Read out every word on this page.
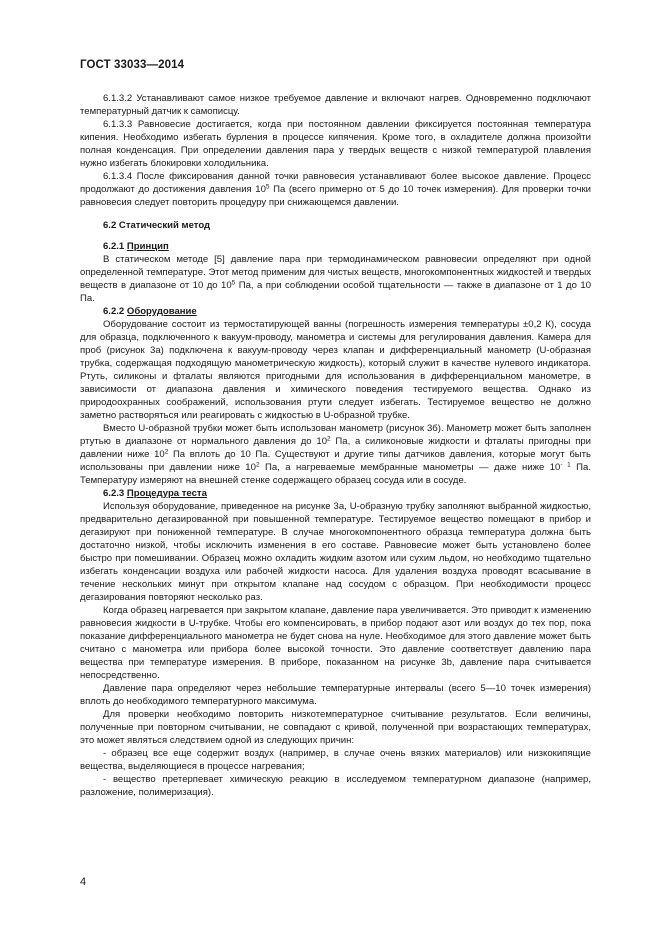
ГОСТ 33033—2014

6.1.3.2 Устанавливают самое низкое требуемое давление и включают нагрев. Одновременно подключают температурный датчик к самописцу.

6.1.3.3 Равновесие достигается, когда при постоянном давлении фиксируется постоянная температура кипения. Необходимо избегать бурления в процессе кипячения. Кроме того, в охладителе должна произойти полная конденсация. При определении давления пара у твердых веществ с низкой температурой плавления нужно избегать блокировки холодильника.

6.1.3.4 После фиксирования данной точки равновесия устанавливают более высокое давление. Процесс продолжают до достижения давления $10^5$ Па (всего примерно от 5 до 10 точек измерения). Для проверки точки равновесия следует повторить процедуру при снижающемся давлении.

6.2 Статический метод

6.2.1 Принцип

В статическом методе [5] давление пара при термодинамическом равновесии определяют при одной определенной температуре. Этот метод применим для чистых веществ, многокомпонентных жидкостей и твердых веществ в диапазоне от 10 до $10^5$ Па, а при соблюдении особой тщательности — также в диапазоне от 1 до 10 Па.

6.2.2 Оборудование

Оборудование состоит из термостатирующей ванны (погрешность измерения температуры ±0,2 К), сосуда для образца, подключенного к вакуум-проводу, манометра и системы для регулирования давления. Камера для проб (рисунок 3а) подключена к вакуум-проводу через клапан и дифференциальный манометр (U-образная трубка, содержащая подходящую манометрическую жидкость), который служит в качестве нулевого индикатора. Ртуть, силиконы и фталаты являются пригодными для использования в дифференциальном манометре, в зависимости от диапазона давления и химического поведения тестируемого вещества. Однако из природоохранных соображений, использования ртути следует избегать. Тестируемое вещество не должно заметно растворяться или реагировать с жидкостью в U-образной трубке.

Вместо U-образной трубки может быть использован манометр (рисунок 3б). Манометр может быть заполнен ртутью в диапазоне от нормального давления до $10^2$ Па, а силиконовые жидкости и фталаты пригодны при давлении ниже $10^2$ Па вплоть до 10 Па. Существуют и другие типы датчиков давления, которые могут быть использованы при давлении ниже $10^2$ Па, а нагреваемые мембранные манометры — даже ниже $10^{- 1}$ Па. Температуру измеряют на внешней стенке содержащего образец сосуда или в сосуде.

6.2.3 Процедура теста

Используя оборудование, приведенное на рисунке 3а, U-образную трубку заполняют выбранной жидкостью, предварительно дегазированной при повышенной температуре. Тестируемое вещество помещают в прибор и дегазируют при пониженной температуре. В случае многокомпонентного образца температура должна быть достаточно низкой, чтобы исключить изменения в его составе. Равновесие может быть установлено более быстро при помешивании. Образец можно охладить жидким азотом или сухим льдом, но необходимо тщательно избегать конденсации воздуха или рабочей жидкости насоса. Для удаления воздуха проводят всасывание в течение нескольких минут при открытом клапане над сосудом с образцом. При необходимости процесс дегазирования повторяют несколько раз.

Когда образец нагревается при закрытом клапане, давление пара увеличивается. Это приводит к изменению равновесия жидкости в U-трубке. Чтобы его компенсировать, в прибор подают азот или воздух до тех пор, пока показание дифференциального манометра не будет снова на нуле. Необходимое для этого давление может быть считано с манометра или прибора более высокой точности. Это давление соответствует давлению пара вещества при температуре измерения. В приборе, показанном на рисунке 3b, давление пара считывается непосредственно.

Давление пара определяют через небольшие температурные интервалы (всего 5—10 точек измерения) вплоть до необходимого температурного максимума.

Для проверки необходимо повторить низкотемпературное считывание результатов. Если величины, полученные при повторном считывании, не совпадают с кривой, полученной при возрастающих температурах, это может являться следствием одной из следующих причин:

- образец все еще содержит воздух (например, в случае очень вязких материалов) или низкокипящие вещества, выделяющиеся в процессе нагревания;

- вещество претерпевает химическую реакцию в исследуемом температурном диапазоне (например, разложение, полимеризация).

4
